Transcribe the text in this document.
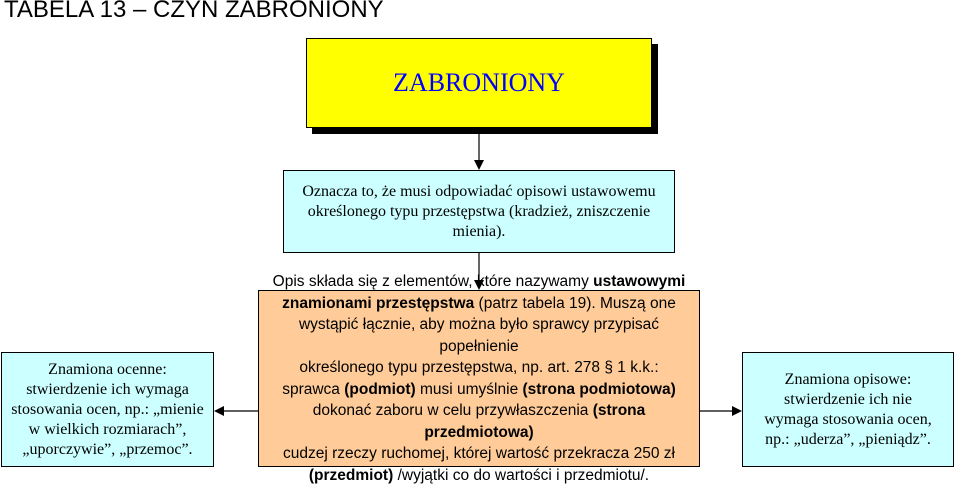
TABELA 13 – CZYN ZABRONIONY
ZABRONIONY
Oznacza to, że musi odpowiadać opisowi ustawowemu
określonego typu przestępstwa (kradzież, zniszczenie
mienia).
Opis składa się z elementów, które nazywamy ustawowymi
znamionami przestępstwa (patrz tabela 19). Muszą one
wystąpić łącznie, aby można było sprawcy przypisać popełnienie
określonego typu przestępstwa, np. art. 278 § 1 k.k.:
sprawca (podmiot) musi umyślnie (strona podmiotowa)
dokonać zaboru w celu przywłaszczenia (strona przedmiotowa)
cudzej rzeczy ruchomej, której wartość przekracza 250 zł
(przedmiot) /wyjątki co do wartości i przedmiotu/.
Znamiona ocenne:
stwierdzenie ich wymaga
stosowania ocen, np.: „mienie
w wielkich rozmiarach”,
„uporczywie”, „przemoc”.
Znamiona opisowe:
stwierdzenie ich nie
wymaga stosowania ocen,
np.: „uderza”, „pieniądz”.
